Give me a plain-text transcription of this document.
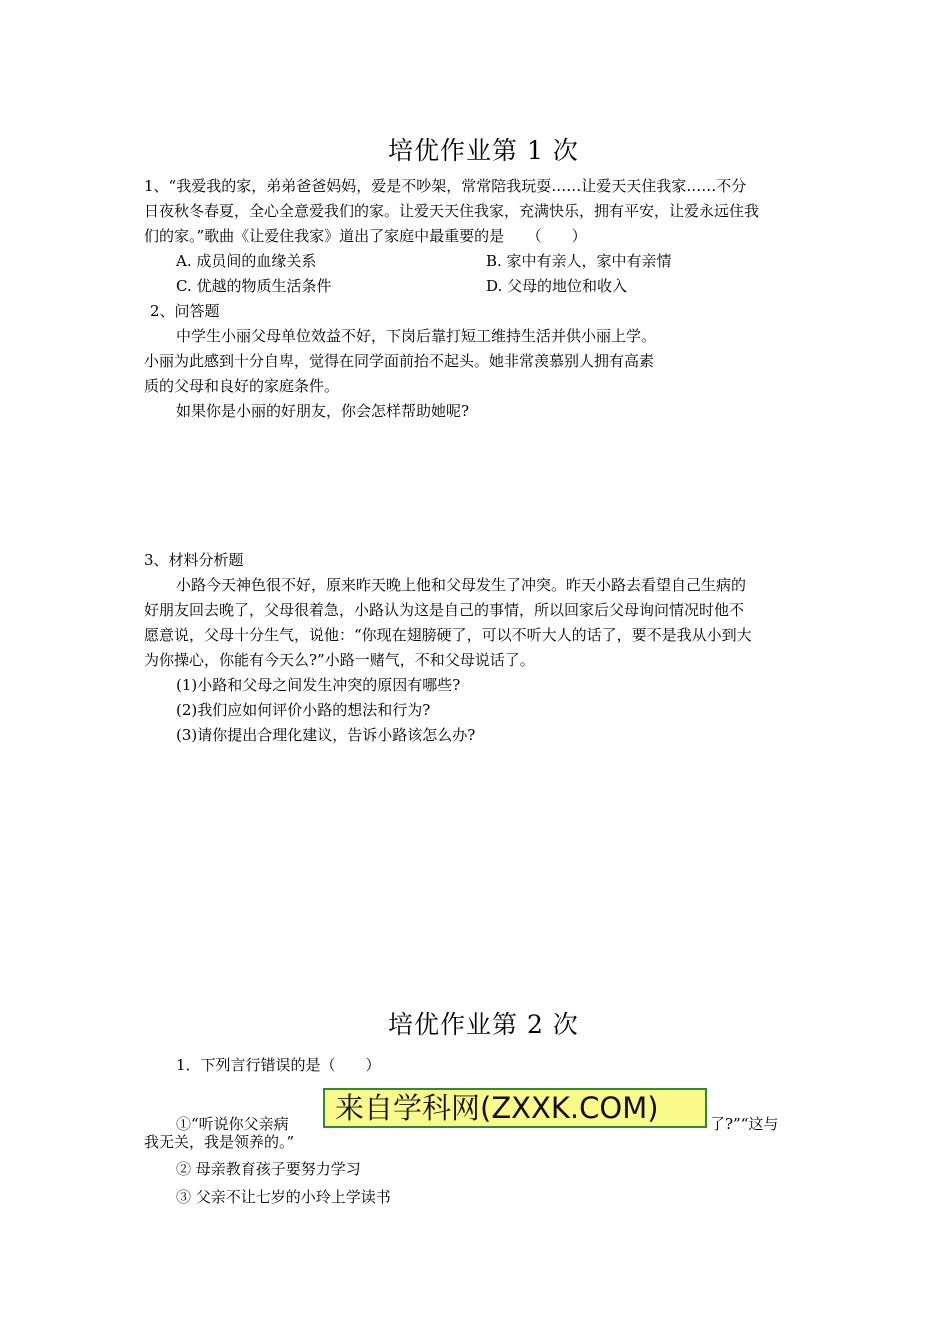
培优作业第 1 次
1、“我爱我的家，弟弟爸爸妈妈，爱是不吵架，常常陪我玩耍……让爱天天住我家……不分
日夜秋冬春夏，全心全意爱我们的家。让爱天天住我家，充满快乐，拥有平安，让爱永远住我
们的家。”歌曲《让爱住我家》道出了家庭中最重要的是　　（　　）
A. 成员间的血缘关系	B. 家中有亲人，家中有亲情
C. 优越的物质生活条件	D. 父母的地位和收入
2、问答题
中学生小丽父母单位效益不好，下岗后靠打短工维持生活并供小丽上学。
小丽为此感到十分自卑，觉得在同学面前抬不起头。她非常羡慕别人拥有高素
质的父母和良好的家庭条件。
如果你是小丽的好朋友，你会怎样帮助她呢?
3、材料分析题
小路今天神色很不好，原来昨天晚上他和父母发生了冲突。昨天小路去看望自己生病的
好朋友回去晚了，父母很着急，小路认为这是自己的事情，所以回家后父母询问情况时他不
愿意说，父母十分生气，说他：“你现在翅膀硬了，可以不听大人的话了，要不是我从小到大
为你操心，你能有今天么?”小路一赌气，不和父母说话了。
(1)小路和父母之间发生冲突的原因有哪些?
(2)我们应如何评价小路的想法和行为?
(3)请你提出合理化建议，告诉小路该怎么办?
培优作业第 2 次
1．下列言行错误的是（　　）
①“听说你父亲病	了?”“这与
我无关，我是领养的。”
② 母亲教育孩子要努力学习
③ 父亲不让七岁的小玲上学读书
来自学科网(ZXXK.COM)
